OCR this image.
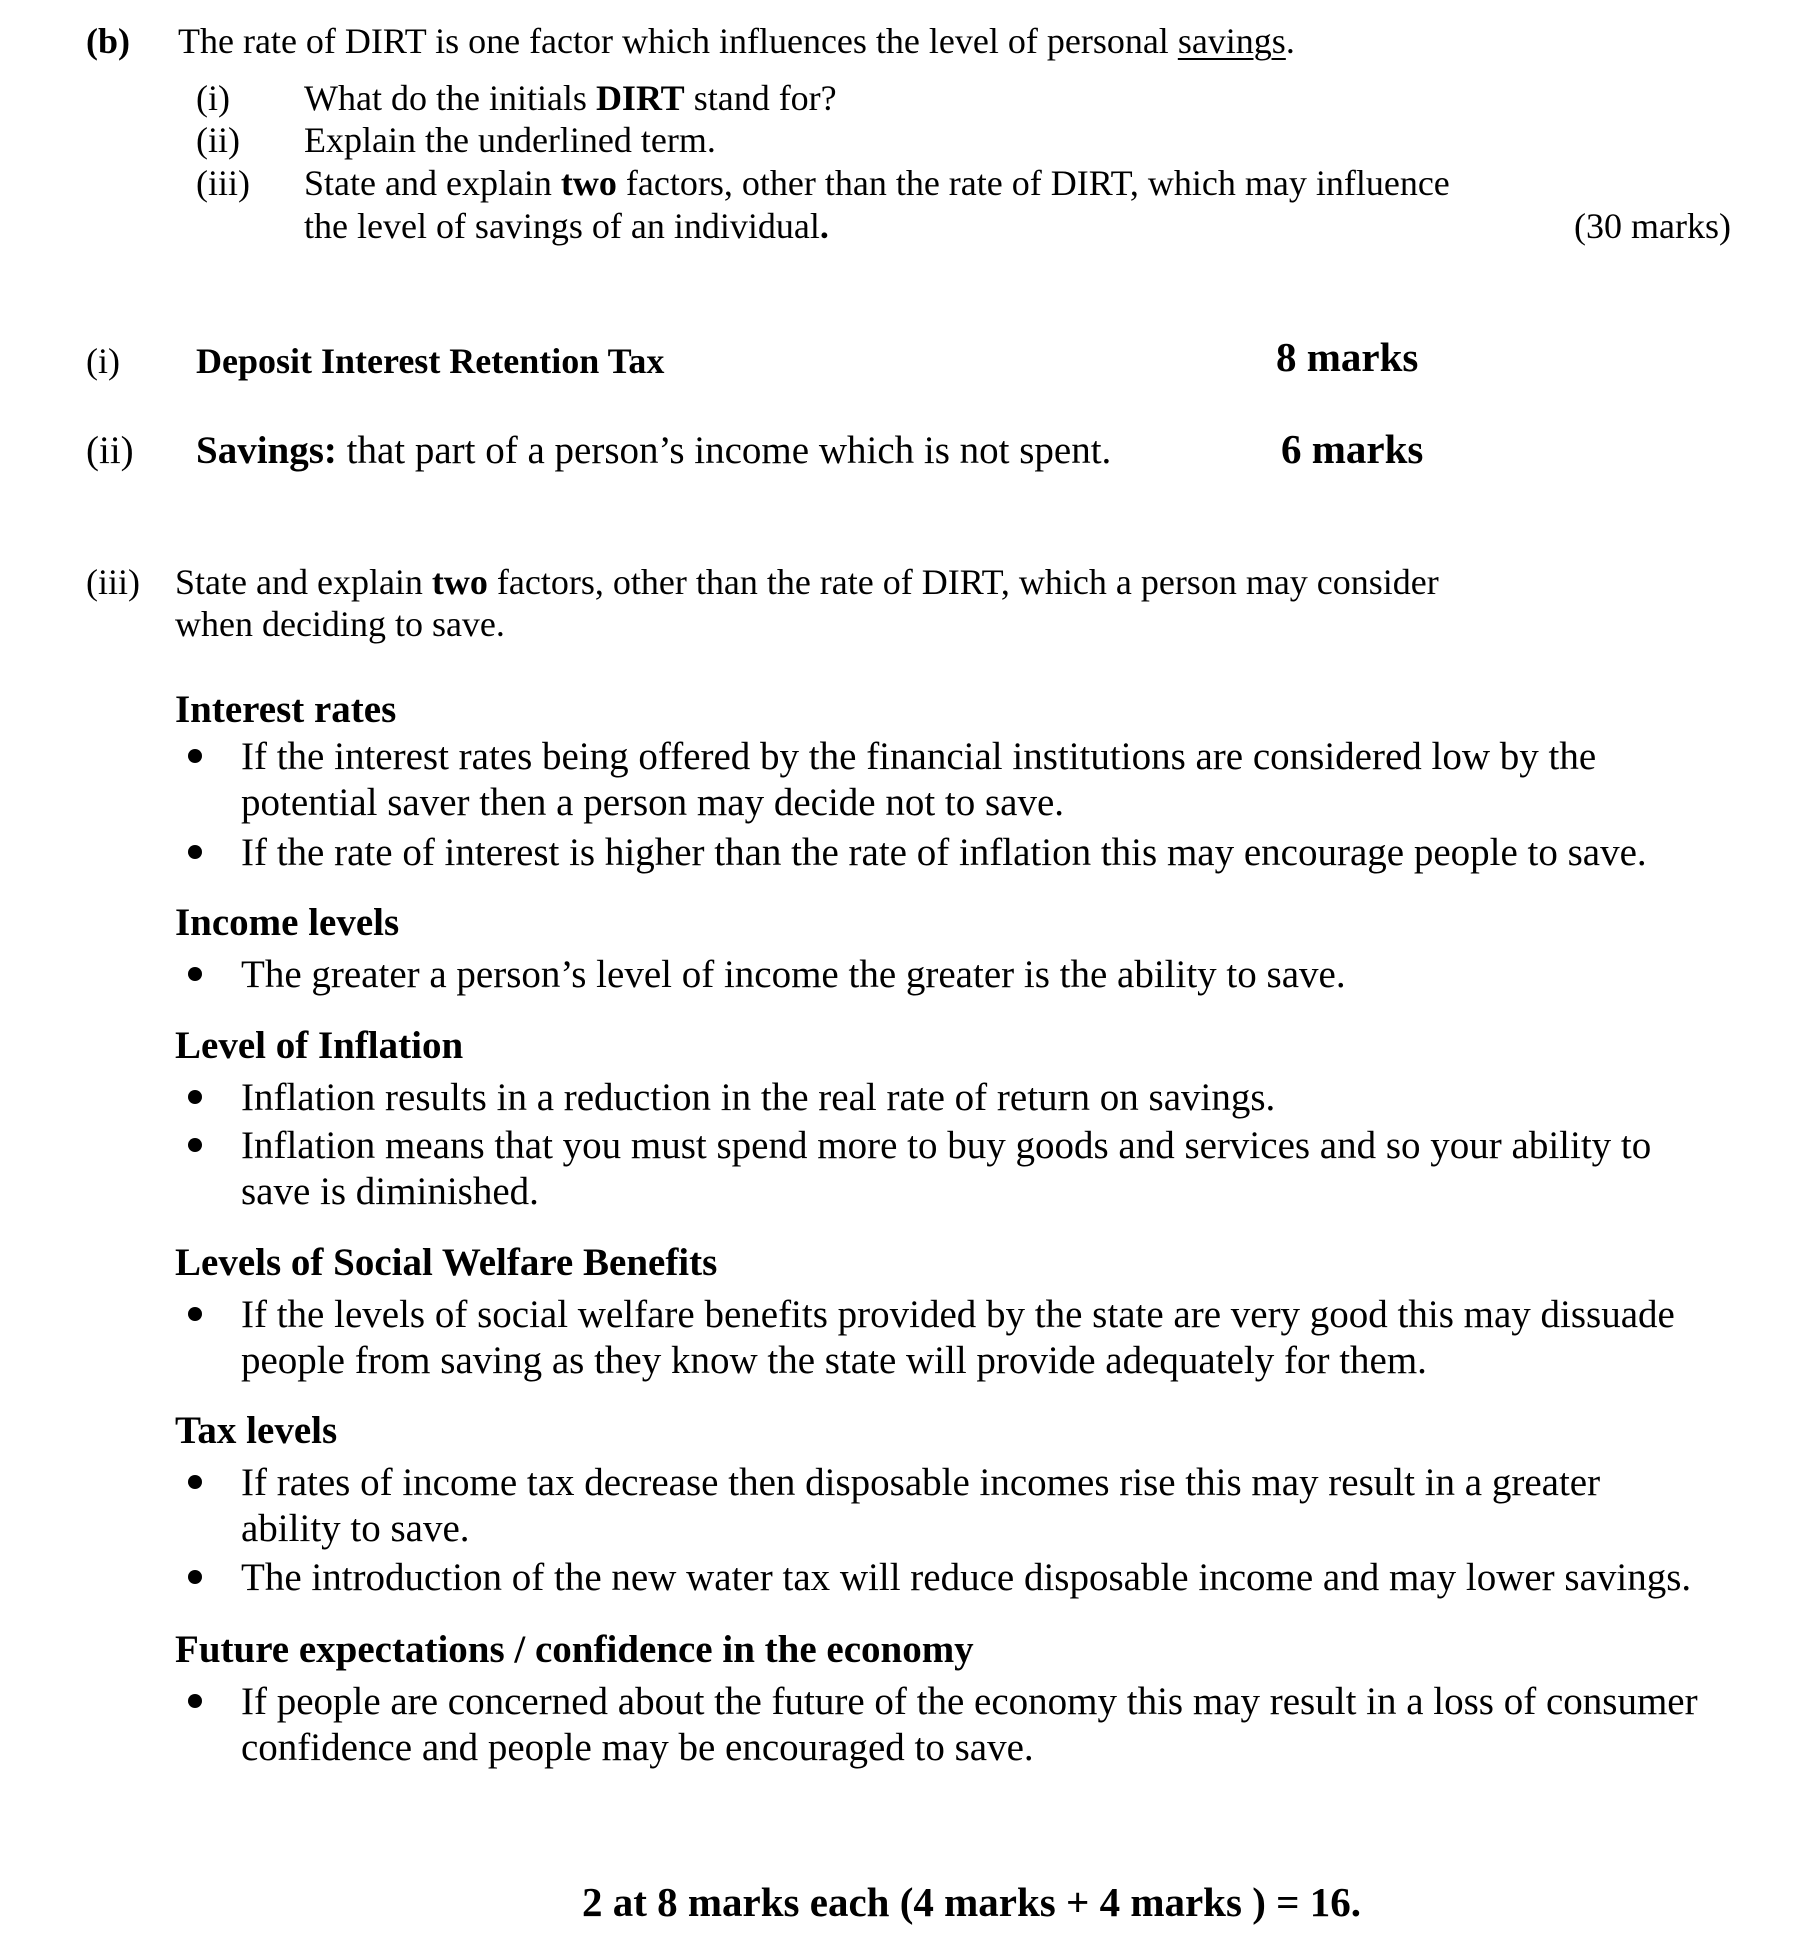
(b) The rate of DIRT is one factor which influences the level of personal savings.
(i) What do the initials DIRT stand for?
(ii) Explain the underlined term.
(iii) State and explain two factors, other than the rate of DIRT, which may influence
the level of savings of an individual.	(30 marks)
(i) Deposit Interest Retention Tax	8 marks
(ii) Savings: that part of a person’s income which is not spent.	6 marks
(iii) State and explain two factors, other than the rate of DIRT, which a person may consider
when deciding to save.
Interest rates
If the interest rates being offered by the financial institutions are considered low by the
potential saver then a person may decide not to save.
If the rate of interest is higher than the rate of inflation this may encourage people to save.
Income levels
The greater a person’s level of income the greater is the ability to save.
Level of Inflation
Inflation results in a reduction in the real rate of return on savings.
Inflation means that you must spend more to buy goods and services and so your ability to
save is diminished.
Levels of Social Welfare Benefits
If the levels of social welfare benefits provided by the state are very good this may dissuade
people from saving as they know the state will provide adequately for them.
Tax levels
If rates of income tax decrease then disposable incomes rise this may result in a greater
ability to save.
The introduction of the new water tax will reduce disposable income and may lower savings.
Future expectations / confidence in the economy
If people are concerned about the future of the economy this may result in a loss of consumer
confidence and people may be encouraged to save.
2 at 8 marks each (4 marks + 4 marks ) = 16.
